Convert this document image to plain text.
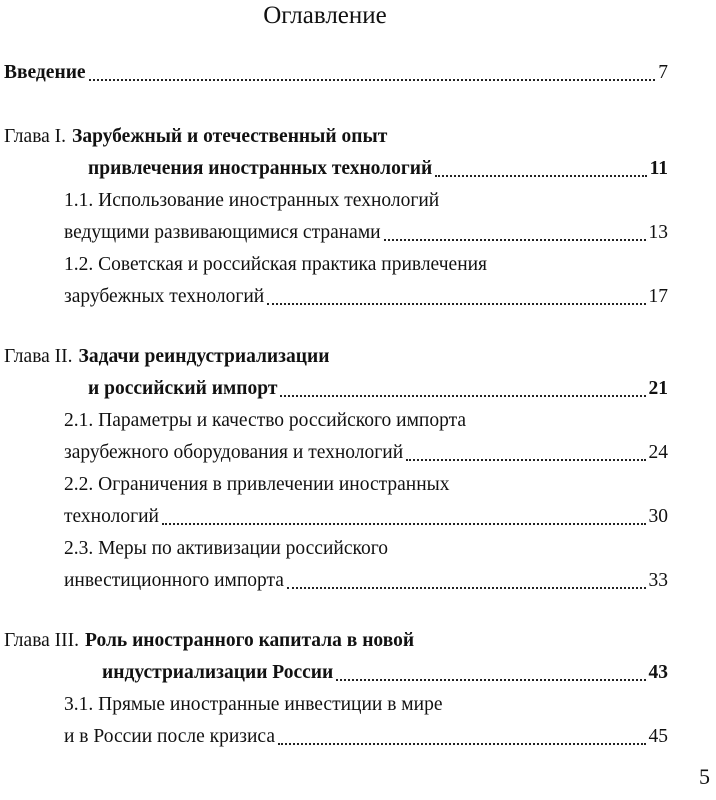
Оглавление
Введение	7
Глава I. Зарубежный и отечественный опыт
привлечения иностранных технологий	11
1.1. Использование иностранных технологий
ведущими развивающимися странами	13
1.2. Советская и российская практика привлечения
зарубежных технологий	17
Глава II. Задачи реиндустриализации
и российский импорт	21
2.1. Параметры и качество российского импорта
зарубежного оборудования и технологий	24
2.2. Ограничения в привлечении иностранных
технологий	30
2.3. Меры по активизации российского
инвестиционного импорта	33
Глава III. Роль иностранного капитала в новой
индустриализации России	43
3.1. Прямые иностранные инвестиции в мире
и в России после кризиса	45
5
